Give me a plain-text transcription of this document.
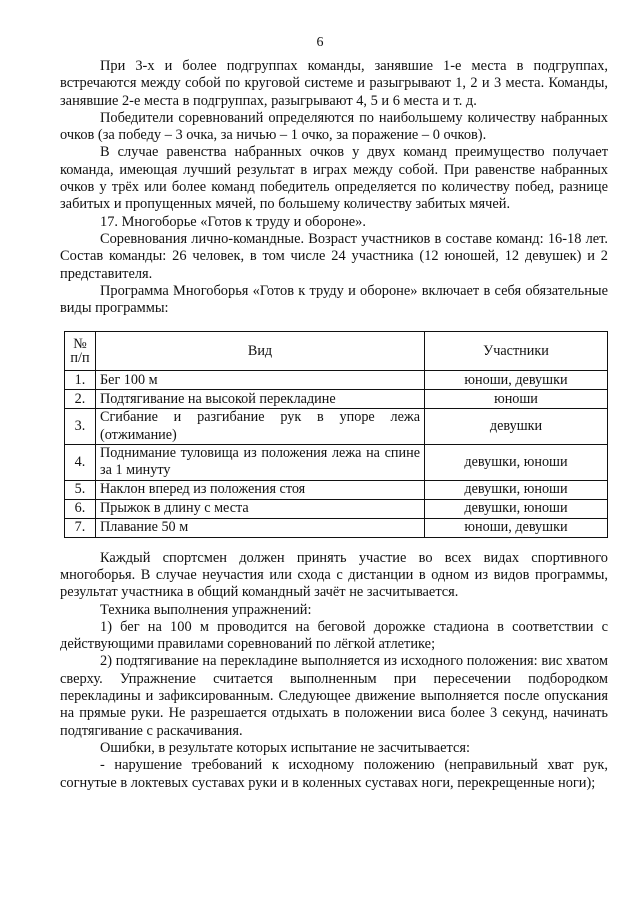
6

При 3-х и более подгруппах команды, занявшие 1-е места в подгруппах, встречаются между собой по круговой системе и разыгрывают 1, 2 и 3 места. Команды, занявшие 2-е места в подгруппах, разыгрывают 4, 5 и 6 места и т. д.

Победители соревнований определяются по наибольшему количеству набранных очков (за победу – 3 очка, за ничью – 1 очко, за поражение – 0 очков).

В случае равенства набранных очков у двух команд преимущество получает команда, имеющая лучший результат в играх между собой. При равенстве набранных очков у трёх или более команд победитель определяется по количеству побед, разнице забитых и пропущенных мячей, по большему количеству забитых мячей.

17. Многоборье «Готов к труду и обороне».

Соревнования лично-командные. Возраст участников в составе команд: 16-18 лет. Состав команды: 26 человек, в том числе 24 участника (12 юношей, 12 девушек) и 2 представителя.

Программа Многоборья «Готов к труду и обороне» включает в себя обязательные виды программы:

№ п/п	Вид	Участники
1.	Бег 100 м	юноши, девушки
2.	Подтягивание на высокой перекладине	юноши
3.	Сгибание и разгибание рук в упоре лежа (отжимание)	девушки
4.	Поднимание туловища из положения лежа на спине за 1 минуту	девушки, юноши
5.	Наклон вперед из положения стоя	девушки, юноши
6.	Прыжок в длину с места	девушки, юноши
7.	Плавание 50 м	юноши, девушки

Каждый спортсмен должен принять участие во всех видах спортивного многоборья. В случае неучастия или схода с дистанции в одном из видов программы, результат участника в общий командный зачёт не засчитывается.

Техника выполнения упражнений:

1) бег на 100 м проводится на беговой дорожке стадиона в соответствии с действующими правилами соревнований по лёгкой атлетике;

2) подтягивание на перекладине выполняется из исходного положения: вис хватом сверху. Упражнение считается выполненным при пересечении подбородком перекладины и зафиксированным. Следующее движение выполняется после опускания на прямые руки. Не разрешается отдыхать в положении виса более 3 секунд, начинать подтягивание с раскачивания.

Ошибки, в результате которых испытание не засчитывается:

- нарушение требований к исходному положению (неправильный хват рук, согнутые в локтевых суставах руки и в коленных суставах ноги, перекрещенные ноги);
